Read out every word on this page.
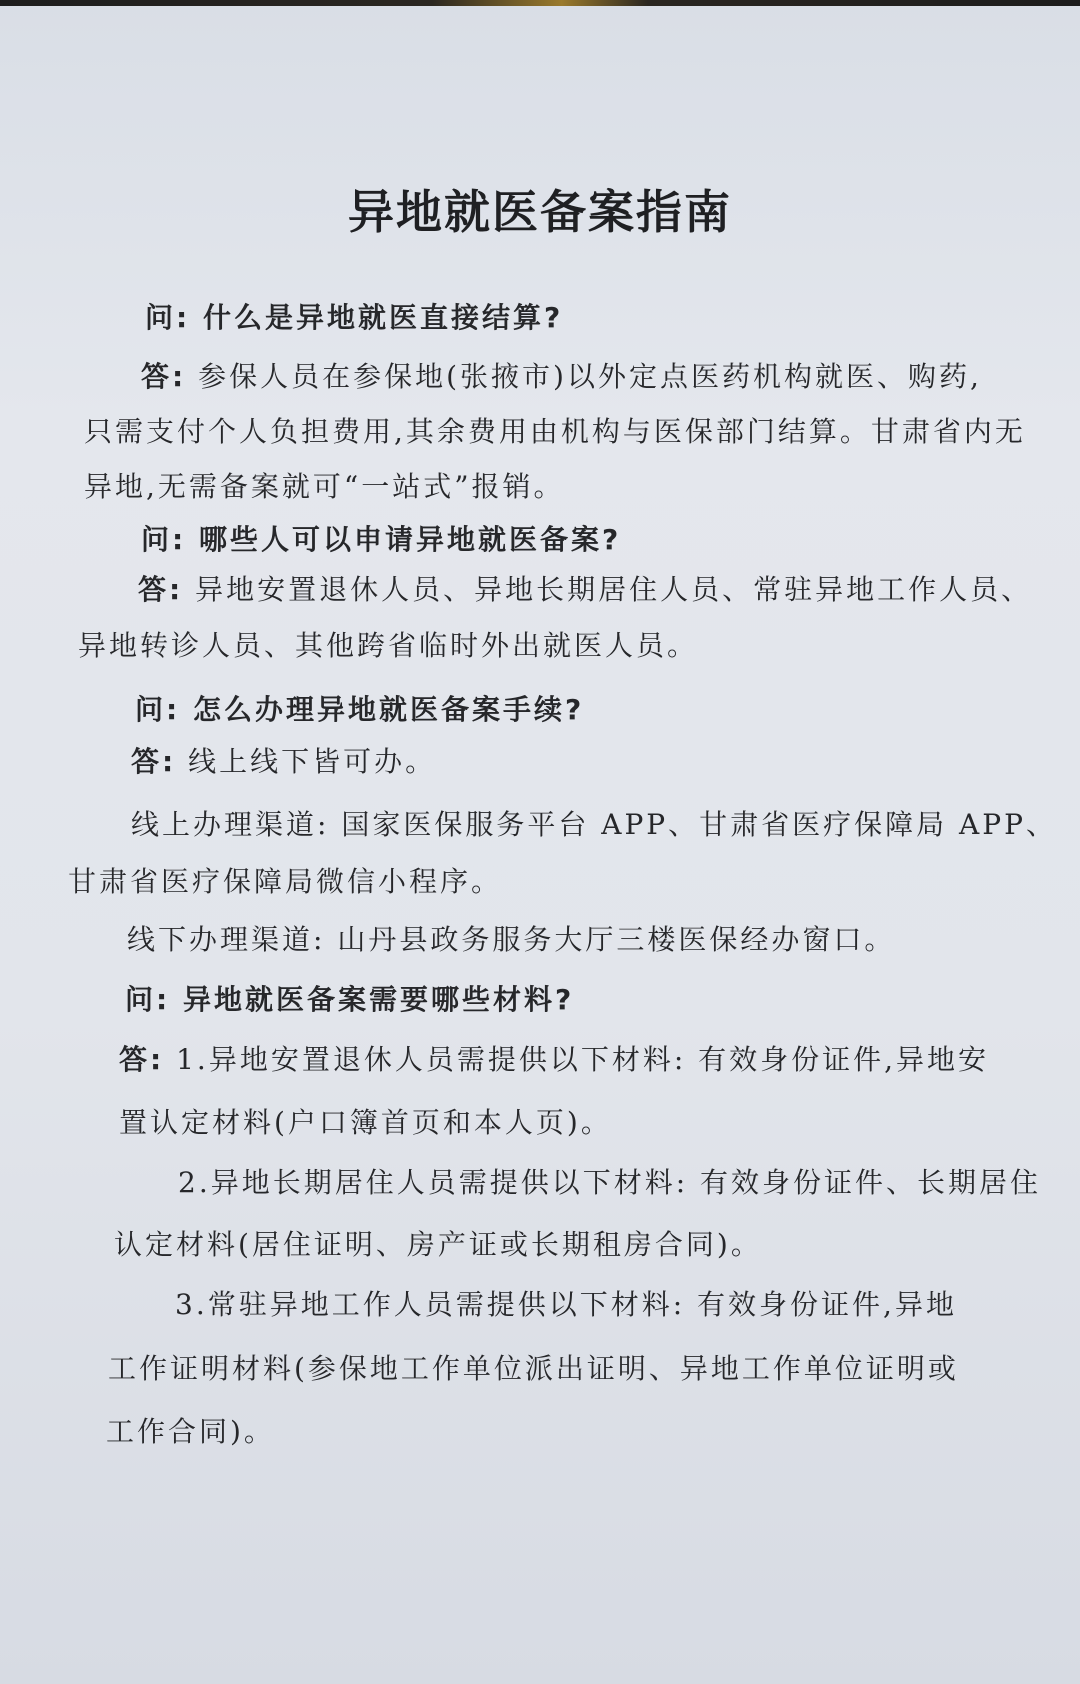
异地就医备案指南
问: 什么是异地就医直接结算?
答: 参保人员在参保地(张掖市)以外定点医药机构就医、购药,
只需支付个人负担费用,其余费用由机构与医保部门结算。甘肃省内无
异地,无需备案就可“一站式”报销。
问: 哪些人可以申请异地就医备案?
答: 异地安置退休人员、异地长期居住人员、常驻异地工作人员、
异地转诊人员、其他跨省临时外出就医人员。
问: 怎么办理异地就医备案手续?
答: 线上线下皆可办。
线上办理渠道: 国家医保服务平台 APP、甘肃省医疗保障局 APP、
甘肃省医疗保障局微信小程序。
线下办理渠道: 山丹县政务服务大厅三楼医保经办窗口。
问: 异地就医备案需要哪些材料?
答: 1.异地安置退休人员需提供以下材料: 有效身份证件,异地安
置认定材料(户口簿首页和本人页)。
2.异地长期居住人员需提供以下材料: 有效身份证件、长期居住
认定材料(居住证明、房产证或长期租房合同)。
3.常驻异地工作人员需提供以下材料: 有效身份证件,异地
工作证明材料(参保地工作单位派出证明、异地工作单位证明或
工作合同)。
